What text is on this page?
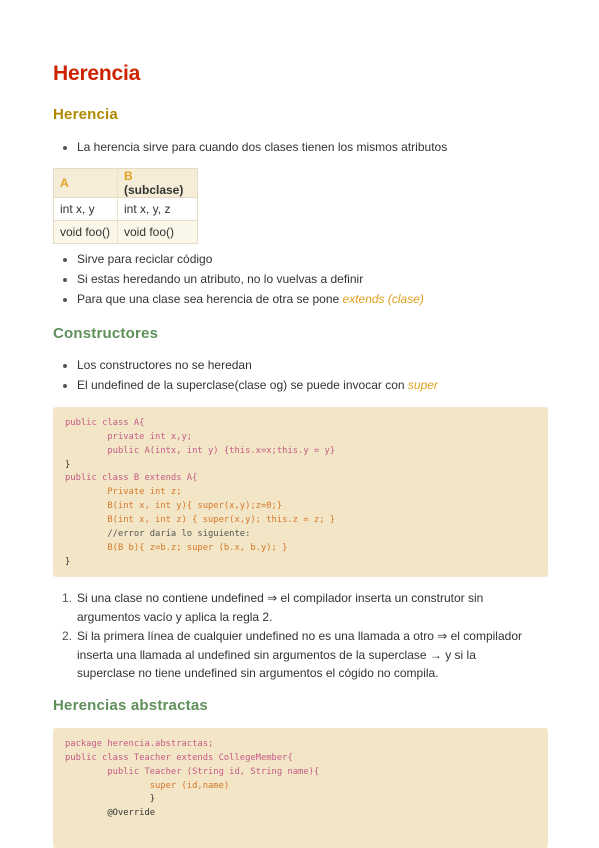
Herencia
Herencia
La herencia sirve para cuando dos clases tienen los mismos atributos
A	B (subclase)
int x, y	int x, y, z
void foo()	void foo()
Sirve para reciclar código
Si estas heredando un atributo, no lo vuelvas a definir
Para que una clase sea herencia de otra se pone extends (clase)
Constructores
Los constructores no se heredan
El undefined de la superclase(clase og) se puede invocar con super
public class A{
private int x,y;
public A(intx, int y) {this.x=x;this.y = y}
}
public class B extends A{
Private int z;
B(int x, int y){ super(x,y);z=0;}
B(int x, int z) { super(x,y); this.z = z; }
//error daría lo siguiente:
B(B b){ z=b.z; super (b.x, b.y); }
}
1. Si una clase no contiene undefined ⇒ el compilador inserta un construtor sin argumentos vacío y aplica la regla 2.
2. Si la primera línea de cualquier undefined no es una llamada a otro ⇒ el compilador inserta una llamada al undefined sin argumentos de la superclase → y si la superclase no tiene undefined sin argumentos el cógido no compila.
Herencias abstractas
package herencia.abstractas;
public class Teacher extends CollegeMember{
public Teacher (String id, String name){
super (id,name)
}
@Override
